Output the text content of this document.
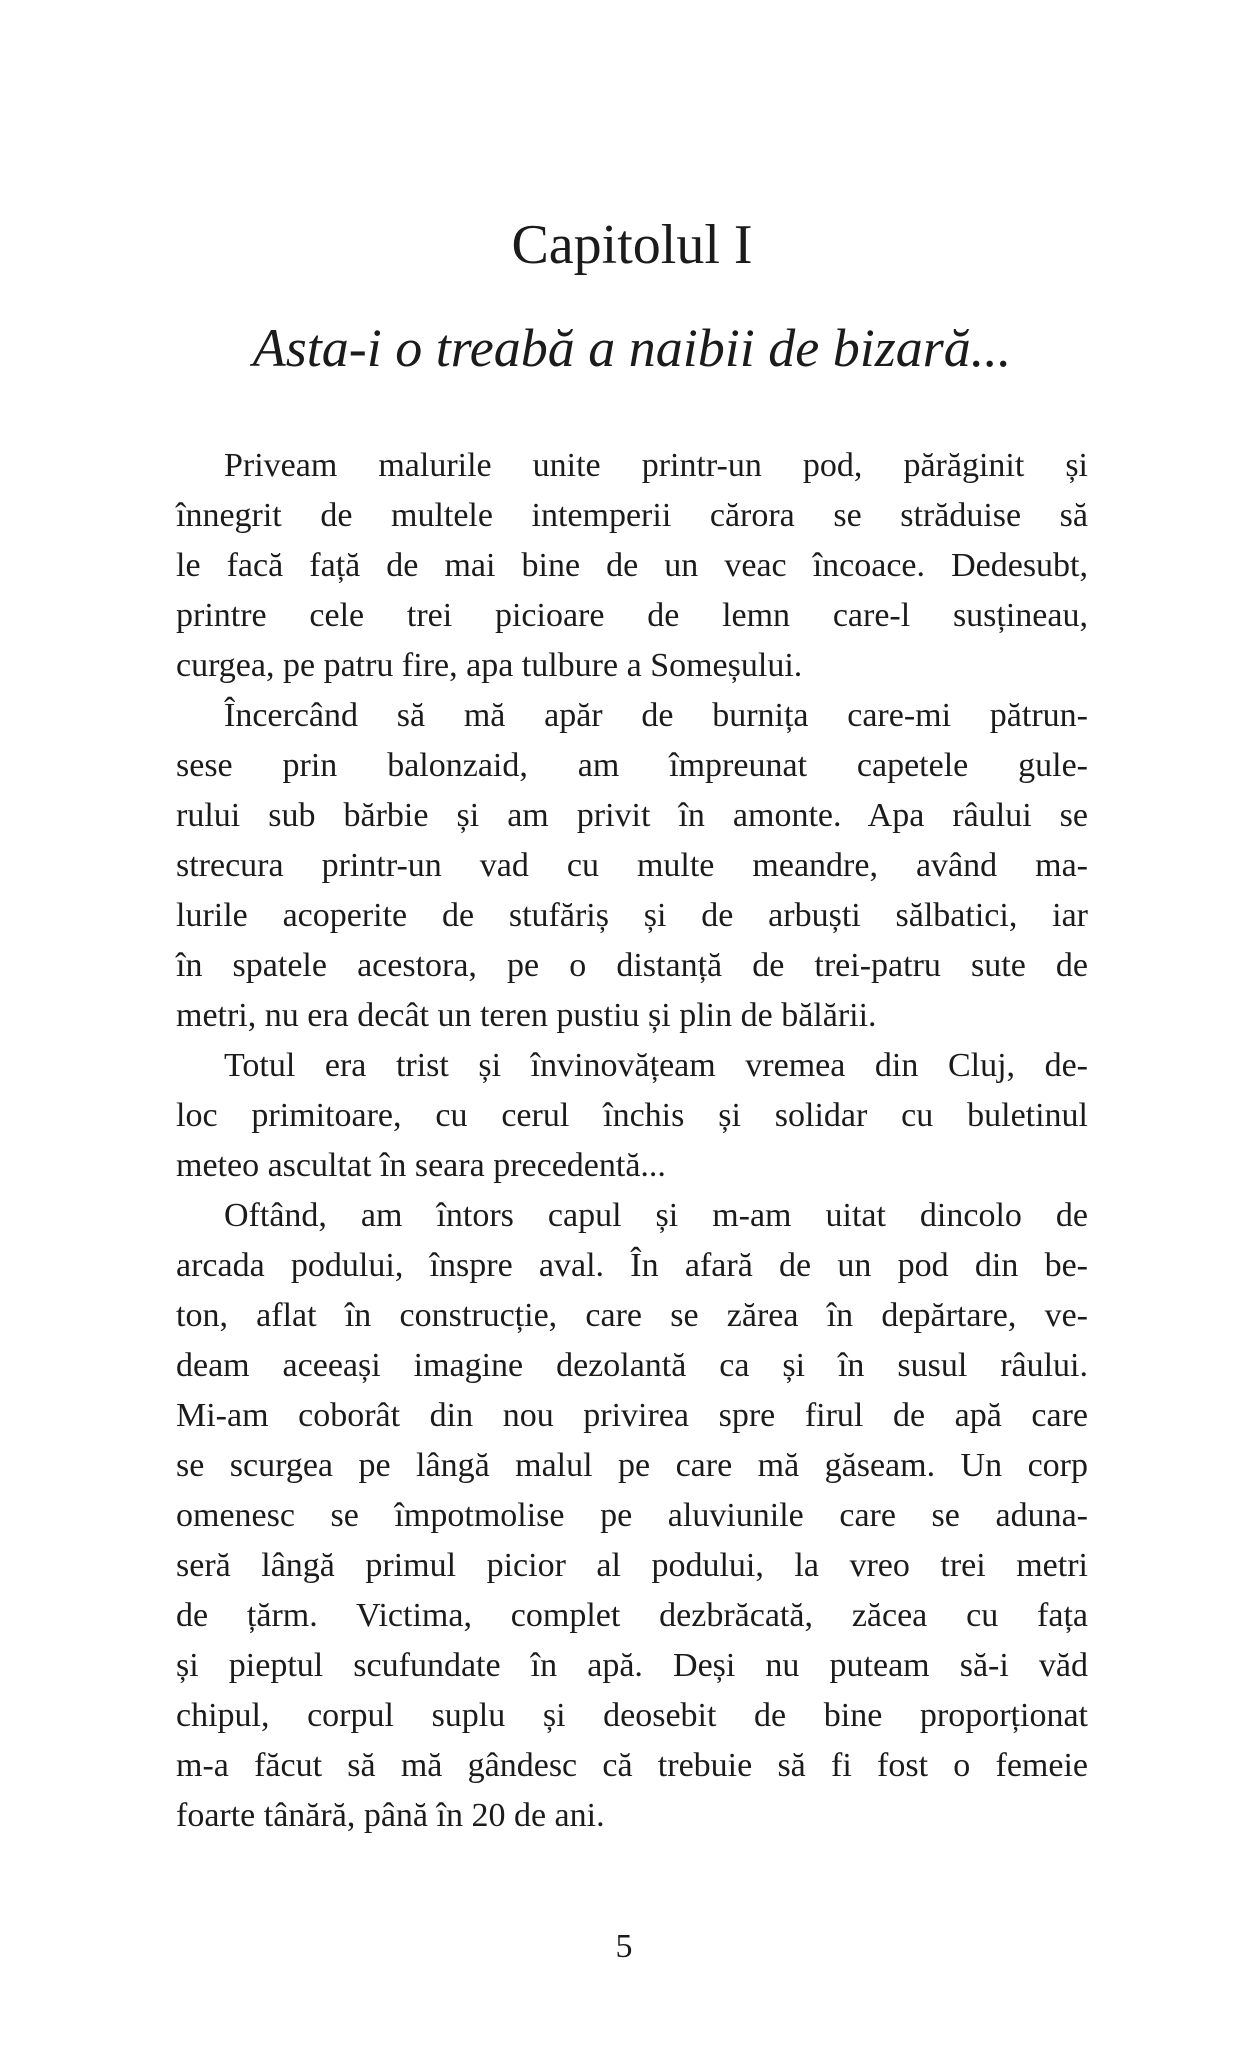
Capitolul I
Asta-i o treabă a naibii de bizară...
Priveam malurile unite printr-un pod, părăginit și
înnegrit de multele intemperii cărora se străduise să
le facă față de mai bine de un veac încoace. Dedesubt,
printre cele trei picioare de lemn care-l susțineau,
curgea, pe patru fire, apa tulbure a Someșului.
Încercând să mă apăr de burnița care-mi pătrun-
sese prin balonzaid, am împreunat capetele gule-
rului sub bărbie și am privit în amonte. Apa râului se
strecura printr-un vad cu multe meandre, având ma-
lurile acoperite de stufăriș și de arbuști sălbatici, iar
în spatele acestora, pe o distanță de trei-patru sute de
metri, nu era decât un teren pustiu și plin de bălării.
Totul era trist și învinovățeam vremea din Cluj, de-
loc primitoare, cu cerul închis și solidar cu buletinul
meteo ascultat în seara precedentă...
Oftând, am întors capul și m-am uitat dincolo de
arcada podului, înspre aval. În afară de un pod din be-
ton, aflat în construcție, care se zărea în depărtare, ve-
deam aceeași imagine dezolantă ca și în susul râului.
Mi-am coborât din nou privirea spre firul de apă care
se scurgea pe lângă malul pe care mă găseam. Un corp
omenesc se împotmolise pe aluviunile care se aduna-
seră lângă primul picior al podului, la vreo trei metri
de țărm. Victima, complet dezbrăcată, zăcea cu fața
și pieptul scufundate în apă. Deși nu puteam să-i văd
chipul, corpul suplu și deosebit de bine proporționat
m-a făcut să mă gândesc că trebuie să fi fost o femeie
foarte tânără, până în 20 de ani.
5
